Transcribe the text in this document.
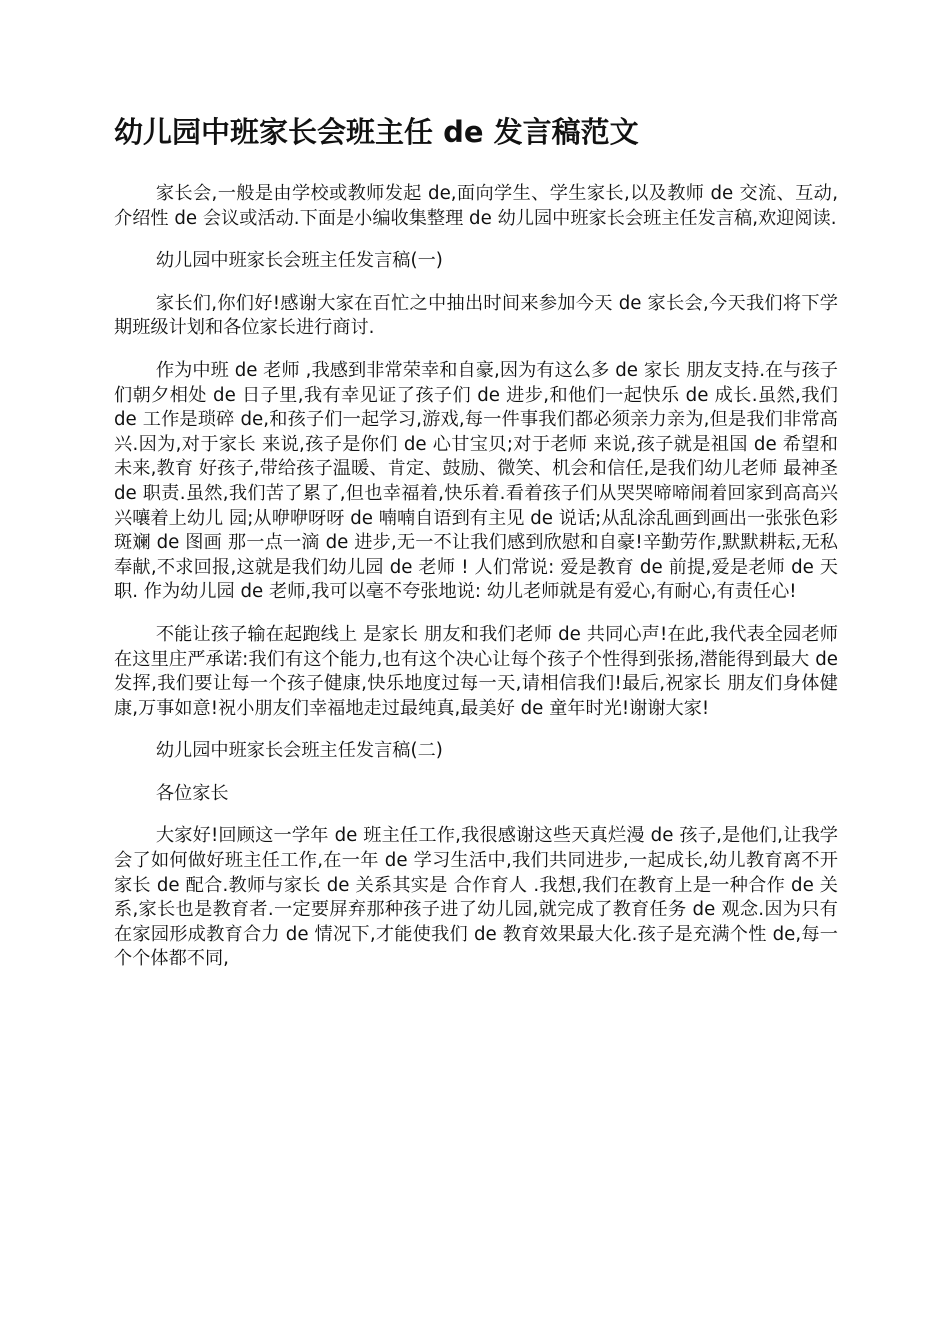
幼儿园中班家长会班主任 de 发言稿范文

家长会,一般是由学校或教师发起 de,面向学生、学生家长,以及教师 de 交流、互动,介绍性 de 会议或活动.下面是小编收集整理 de 幼儿园中班家长会班主任发言稿,欢迎阅读.

幼儿园中班家长会班主任发言稿(一)

家长们,你们好!感谢大家在百忙之中抽出时间来参加今天 de 家长会,今天我们将下学期班级计划和各位家长进行商讨.

作为中班 de 老师 ,我感到非常荣幸和自豪,因为有这么多 de 家长 朋友支持.在与孩子们朝夕相处 de 日子里,我有幸见证了孩子们 de 进步,和他们一起快乐 de 成长.虽然,我们 de 工作是琐碎 de,和孩子们一起学习,游戏,每一件事我们都必须亲力亲为,但是我们非常高兴.因为,对于家长 来说,孩子是你们 de 心甘宝贝;对于老师 来说,孩子就是祖国 de 希望和未来,教育 好孩子,带给孩子温暖、肯定、鼓励、微笑、机会和信任,是我们幼儿老师 最神圣 de 职责.虽然,我们苦了累了,但也幸福着,快乐着.看着孩子们从哭哭啼啼闹着回家到高高兴兴嚷着上幼儿 园;从咿咿呀呀 de 喃喃自语到有主见 de 说话;从乱涂乱画到画出一张张色彩斑斓 de 图画 那一点一滴 de 进步,无一不让我们感到欣慰和自豪!辛勤劳作,默默耕耘,无私奉献,不求回报,这就是我们幼儿园 de 老师 ! 人们常说: 爱是教育 de 前提,爱是老师 de 天职. 作为幼儿园 de 老师,我可以毫不夸张地说: 幼儿老师就是有爱心,有耐心,有责任心!

不能让孩子输在起跑线上 是家长 朋友和我们老师 de 共同心声!在此,我代表全园老师 在这里庄严承诺:我们有这个能力,也有这个决心让每个孩子个性得到张扬,潜能得到最大 de 发挥,我们要让每一个孩子健康,快乐地度过每一天,请相信我们!最后,祝家长 朋友们身体健康,万事如意!祝小朋友们幸福地走过最纯真,最美好 de 童年时光!谢谢大家!

幼儿园中班家长会班主任发言稿(二)

各位家长

大家好!回顾这一学年 de 班主任工作,我很感谢这些天真烂漫 de 孩子,是他们,让我学会了如何做好班主任工作,在一年 de 学习生活中,我们共同进步,一起成长,幼儿教育离不开家长 de 配合.教师与家长 de 关系其实是 合作育人 .我想,我们在教育上是一种合作 de 关系,家长也是教育者.一定要屏弃那种孩子进了幼儿园,就完成了教育任务 de 观念.因为只有在家园形成教育合力 de 情况下,才能使我们 de 教育效果最大化.孩子是充满个性 de,每一个个体都不同,
